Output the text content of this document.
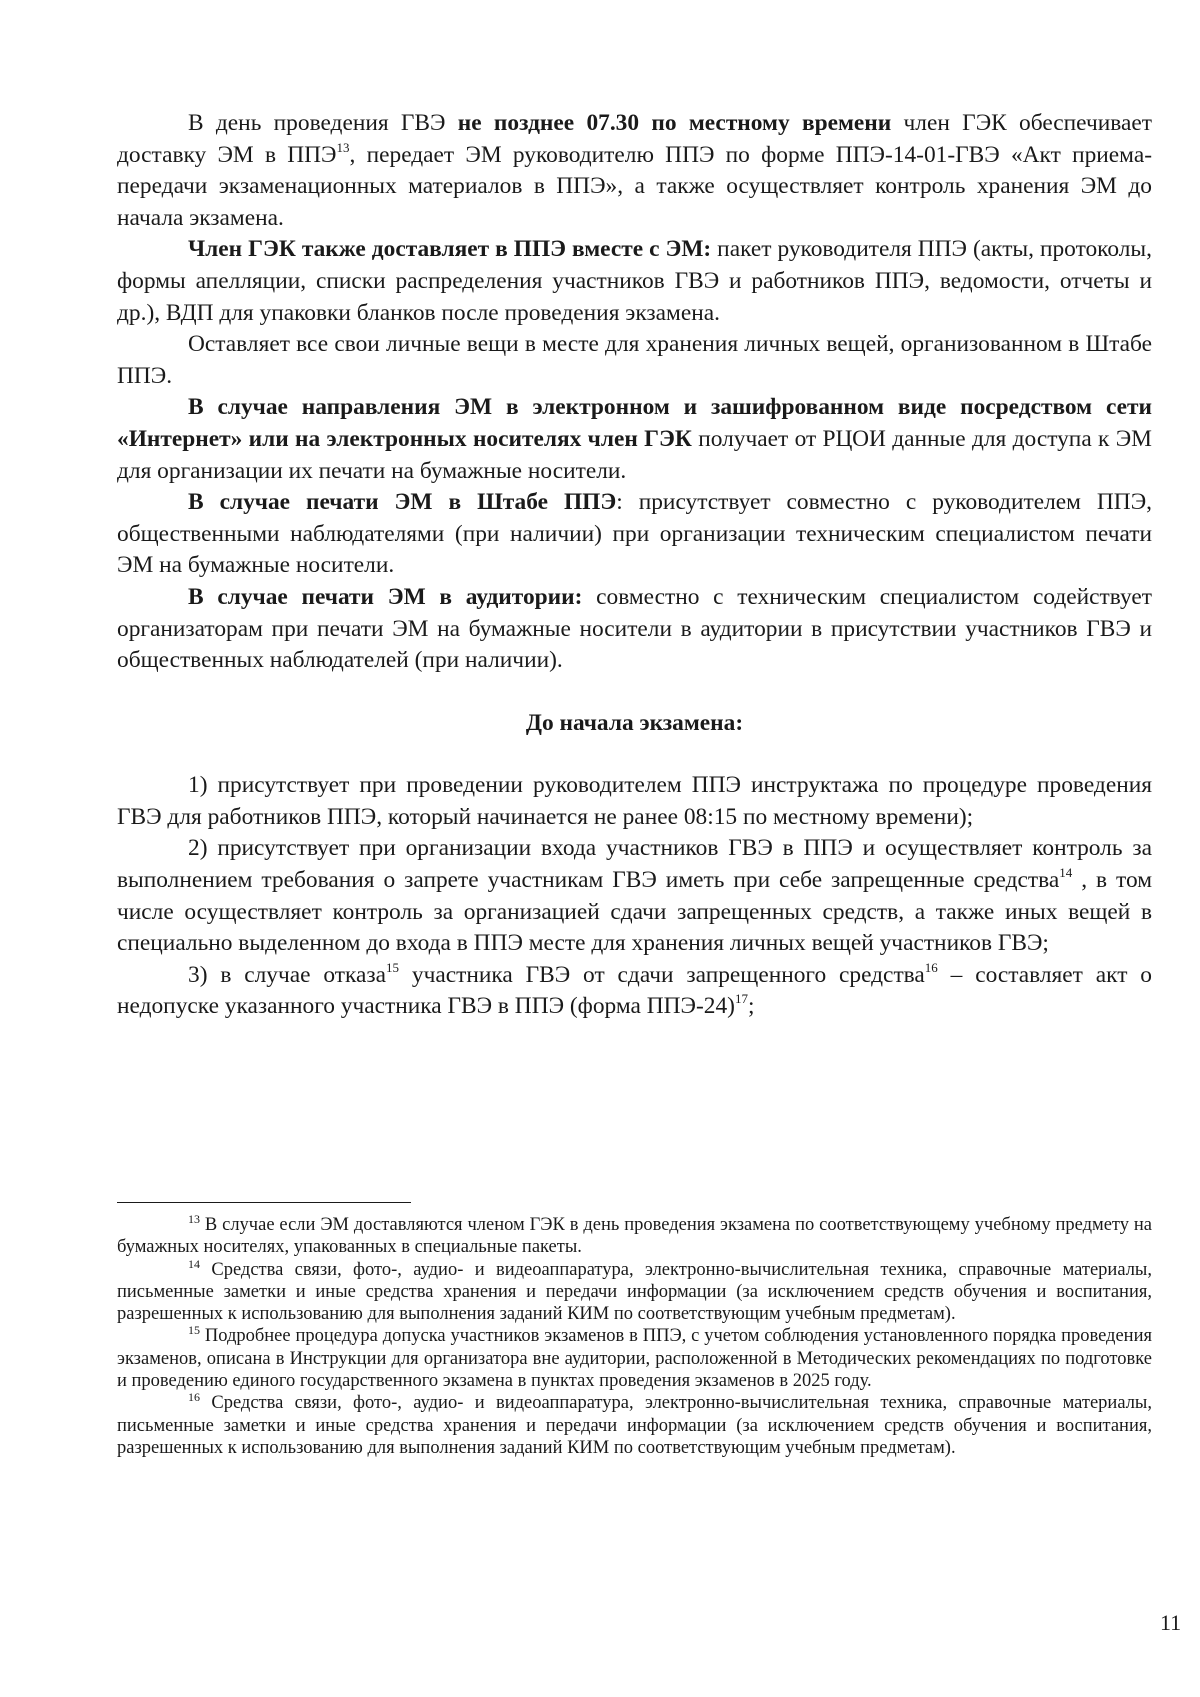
В день проведения ГВЭ не позднее 07.30 по местному времени член ГЭК обеспечивает доставку ЭМ в ППЭ$^{13}$, передает ЭМ руководителю ППЭ по форме ППЭ-14-01-ГВЭ «Акт приема-передачи экзаменационных материалов в ППЭ», а также осуществляет контроль хранения ЭМ до начала экзамена.

Член ГЭК также доставляет в ППЭ вместе с ЭМ: пакет руководителя ППЭ (акты, протоколы, формы апелляции, списки распределения участников ГВЭ и работников ППЭ, ведомости, отчеты и др.), ВДП для упаковки бланков после проведения экзамена.

Оставляет все свои личные вещи в месте для хранения личных вещей, организованном в Штабе ППЭ.

В случае направления ЭМ в электронном и зашифрованном виде посредством сети «Интернет» или на электронных носителях член ГЭК получает от РЦОИ данные для доступа к ЭМ для организации их печати на бумажные носители.

В случае печати ЭМ в Штабе ППЭ: присутствует совместно с руководителем ППЭ, общественными наблюдателями (при наличии) при организации техническим специалистом печати ЭМ на бумажные носители.

В случае печати ЭМ в аудитории: совместно с техническим специалистом содействует организаторам при печати ЭМ на бумажные носители в аудитории в присутствии участников ГВЭ и общественных наблюдателей (при наличии).

До начала экзамена:

1) присутствует при проведении руководителем ППЭ инструктажа по процедуре проведения ГВЭ для работников ППЭ, который начинается не ранее 08:15 по местному времени);

2) присутствует при организации входа участников ГВЭ в ППЭ и осуществляет контроль за выполнением требования о запрете участникам ГВЭ иметь при себе запрещенные средства$^{14}$ , в том числе осуществляет контроль за организацией сдачи запрещенных средств, а также иных вещей в специально выделенном до входа в ППЭ месте для хранения личных вещей участников ГВЭ;

3) в случае отказа$^{15}$ участника ГВЭ от сдачи запрещенного средства$^{16}$ – составляет акт о недопуске указанного участника ГВЭ в ППЭ (форма ППЭ-24)$^{17}$;

$^{13}$ В случае если ЭМ доставляются членом ГЭК в день проведения экзамена по соответствующему учебному предмету на бумажных носителях, упакованных в специальные пакеты.

$^{14}$ Средства связи, фото-, аудио- и видеоаппаратура, электронно-вычислительная техника, справочные материалы, письменные заметки и иные средства хранения и передачи информации (за исключением средств обучения и воспитания, разрешенных к использованию для выполнения заданий КИМ по соответствующим учебным предметам).

$^{15}$ Подробнее процедура допуска участников экзаменов в ППЭ, с учетом соблюдения установленного порядка проведения экзаменов, описана в Инструкции для организатора вне аудитории, расположенной в Методических рекомендациях по подготовке и проведению единого государственного экзамена в пунктах проведения экзаменов в 2025 году.

$^{16}$ Средства связи, фото-, аудио- и видеоаппаратура, электронно-вычислительная техника, справочные материалы, письменные заметки и иные средства хранения и передачи информации (за исключением средств обучения и воспитания, разрешенных к использованию для выполнения заданий КИМ по соответствующим учебным предметам).

11
